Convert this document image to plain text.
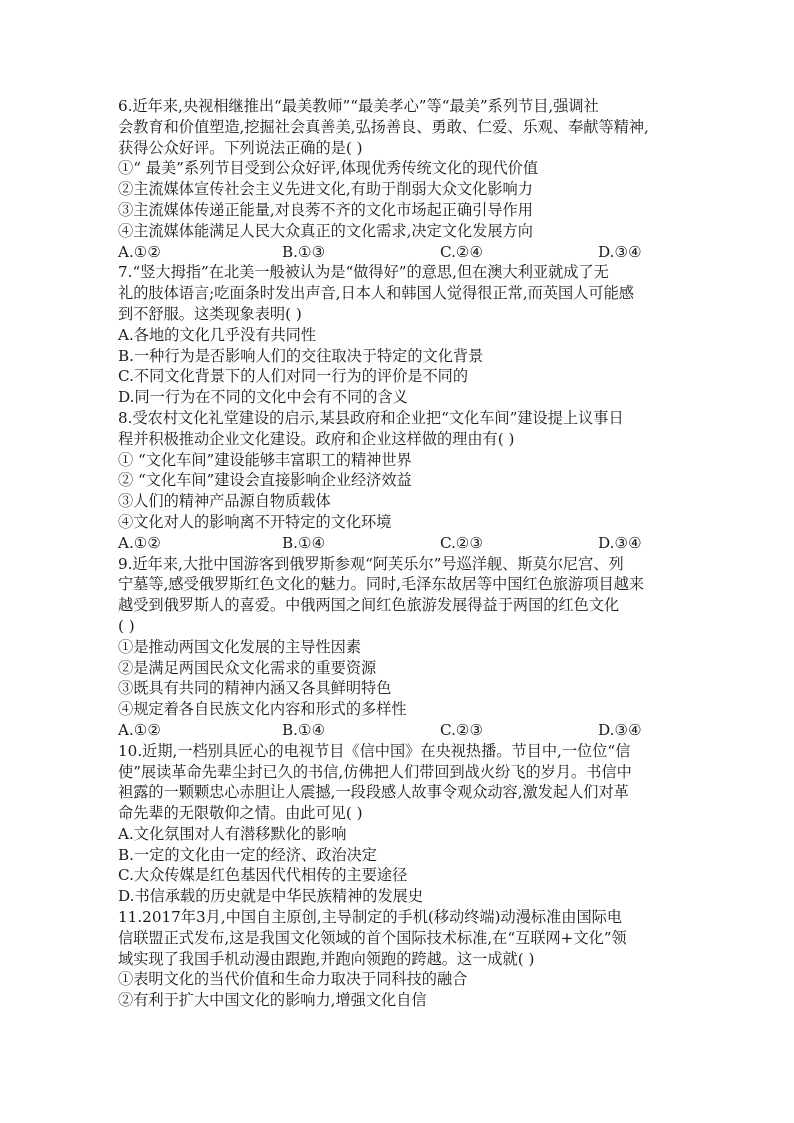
6.近年来,央视相继推出“最美教师”“最美孝心”等“最美”系列节目,强调社
会教育和价值塑造,挖掘社会真善美,弘扬善良、勇敢、仁爱、乐观、奉献等精神,
获得公众好评。下列说法正确的是( )
①“ 最美”系列节目受到公众好评,体现优秀传统文化的现代价值
②主流媒体宣传社会主义先进文化,有助于削弱大众文化影响力
③主流媒体传递正能量,对良莠不齐的文化市场起正确引导作用
④主流媒体能满足人民大众真正的文化需求,决定文化发展方向
A.①②	B.①③	C.②④	D.③④
7.“竖大拇指”在北美一般被认为是“做得好”的意思,但在澳大利亚就成了无
礼的肢体语言;吃面条时发出声音,日本人和韩国人觉得很正常,而英国人可能感
到不舒服。这类现象表明( )
A.各地的文化几乎没有共同性
B.一种行为是否影响人们的交往取决于特定的文化背景
C.不同文化背景下的人们对同一行为的评价是不同的
D.同一行为在不同的文化中会有不同的含义
8.受农村文化礼堂建设的启示,某县政府和企业把“文化车间”建设提上议事日
程并积极推动企业文化建设。政府和企业这样做的理由有( )
① “文化车间”建设能够丰富职工的精神世界
② “文化车间”建设会直接影响企业经济效益
③人们的精神产品源自物质载体
④文化对人的影响离不开特定的文化环境
A.①②	B.①④	C.②③	D.③④
9.近年来,大批中国游客到俄罗斯参观“阿芙乐尔”号巡洋舰、斯莫尔尼宫、列
宁墓等,感受俄罗斯红色文化的魅力。同时,毛泽东故居等中国红色旅游项目越来
越受到俄罗斯人的喜爱。中俄两国之间红色旅游发展得益于两国的红色文化
( )
①是推动两国文化发展的主导性因素
②是满足两国民众文化需求的重要资源
③既具有共同的精神内涵又各具鲜明特色
④规定着各自民族文化内容和形式的多样性
A.①②	B.①④	C.②③	D.③④
10.近期,一档别具匠心的电视节目《信中国》在央视热播。节目中,一位位“信
使”展读革命先辈尘封已久的书信,仿佛把人们带回到战火纷飞的岁月。书信中
袒露的一颗颗忠心赤胆让人震撼,一段段感人故事令观众动容,激发起人们对革
命先辈的无限敬仰之情。由此可见( )
A.文化氛围对人有潜移默化的影响
B.一定的文化由一定的经济、政治决定
C.大众传媒是红色基因代代相传的主要途径
D.书信承载的历史就是中华民族精神的发展史
11.2017年3月,中国自主原创,主导制定的手机(移动终端)动漫标准由国际电
信联盟正式发布,这是我国文化领域的首个国际技术标准,在“互联网+文化”领
域实现了我国手机动漫由跟跑,并跑向领跑的跨越。这一成就( )
①表明文化的当代价值和生命力取决于同科技的融合
②有利于扩大中国文化的影响力,增强文化自信
